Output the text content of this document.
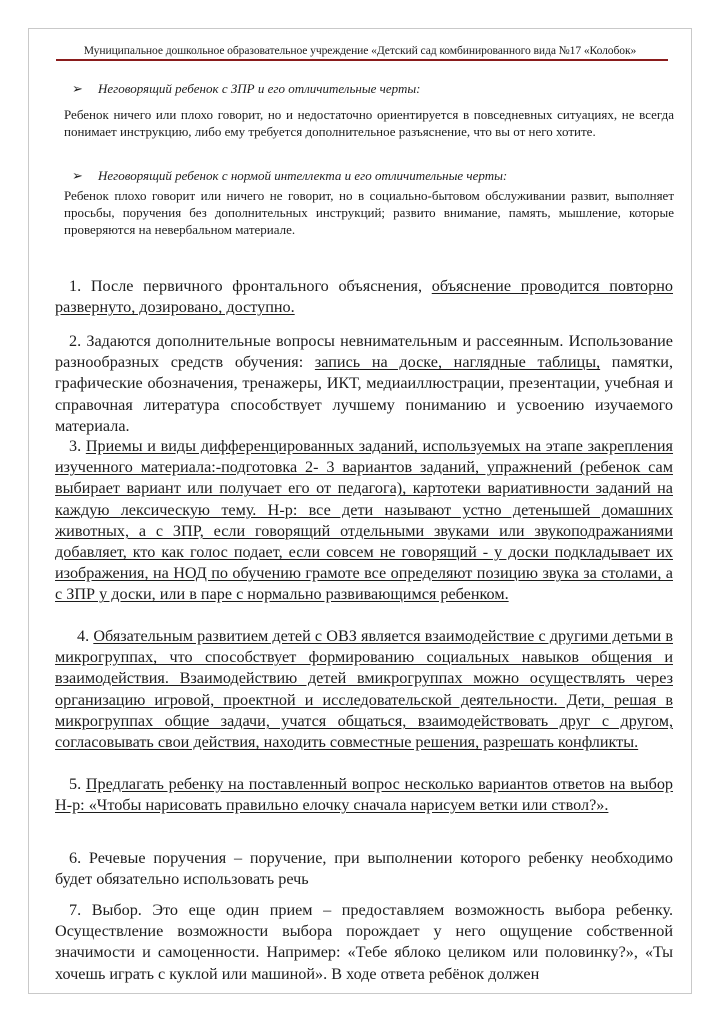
Муниципальное дошкольное образовательное учреждение «Детский сад комбинированного вида №17 «Колобок»
➢ Неговорящий ребенок с ЗПР и его отличительные черты:

Ребенок ничего или плохо говорит, но и недостаточно ориентируется в повседневных ситуациях, не всегда понимает инструкцию, либо ему требуется дополнительное разъяснение, что вы от него хотите.

➢ Неговорящий ребенок с нормой интеллекта и его отличительные черты:

Ребенок плохо говорит или ничего не говорит, но в социально-бытовом обслуживании развит, выполняет просьбы, поручения без дополнительных инструкций; развито внимание, память, мышление, которые проверяются на невербальном материале.

1. После первичного фронтального объяснения, объяснение проводится повторно развернуто, дозировано, доступно.

2. Задаются дополнительные вопросы невнимательным и рассеянным. Использование разнообразных средств обучения: запись на доске, наглядные таблицы, памятки, графические обозначения, тренажеры, ИКТ, медиаиллюстрации, презентации, учебная и справочная литература способствует лучшему пониманию и усвоению изучаемого материала.

3. Приемы и виды дифференцированных заданий, используемых на этапе закрепления изученного материала:-подготовка 2- 3 вариантов заданий, упражнений (ребенок сам выбирает вариант или получает его от педагога), картотеки вариативности заданий на каждую лексическую тему. Н-р: все дети называют устно детенышей домашних животных, а с ЗПР, если говорящий отдельными звуками или звукоподражаниями добавляет, кто как голос подает, если совсем не говорящий - у доски подкладывает их изображения, на НОД по обучению грамоте все определяют позицию звука за столами, а с ЗПР у доски, или в паре с нормально развивающимся ребенком.

4. Обязательным развитием детей с ОВЗ является взаимодействие с другими детьми в микрогруппах, что способствует формированию социальных навыков общения и взаимодействия. Взаимодействию детей вмикрогруппах можно осуществлять через организацию игровой, проектной и исследовательской деятельности. Дети, решая в микрогруппах общие задачи, учатся общаться, взаимодействовать друг с другом, согласовывать свои действия, находить совместные решения, разрешать конфликты.

5. Предлагать ребенку на поставленный вопрос несколько вариантов ответов на выбор Н-р: «Чтобы нарисовать правильно елочку сначала нарисуем ветки или ствол?».

6. Речевые поручения – поручение, при выполнении которого ребенку необходимо будет обязательно использовать речь

7. Выбор. Это еще один прием – предоставляем возможность выбора ребенку. Осуществление возможности выбора порождает у него ощущение собственной значимости и самоценности. Например: «Тебе яблоко целиком или половинку?», «Ты хочешь играть с куклой или машиной». В ходе ответа ребёнок должен
